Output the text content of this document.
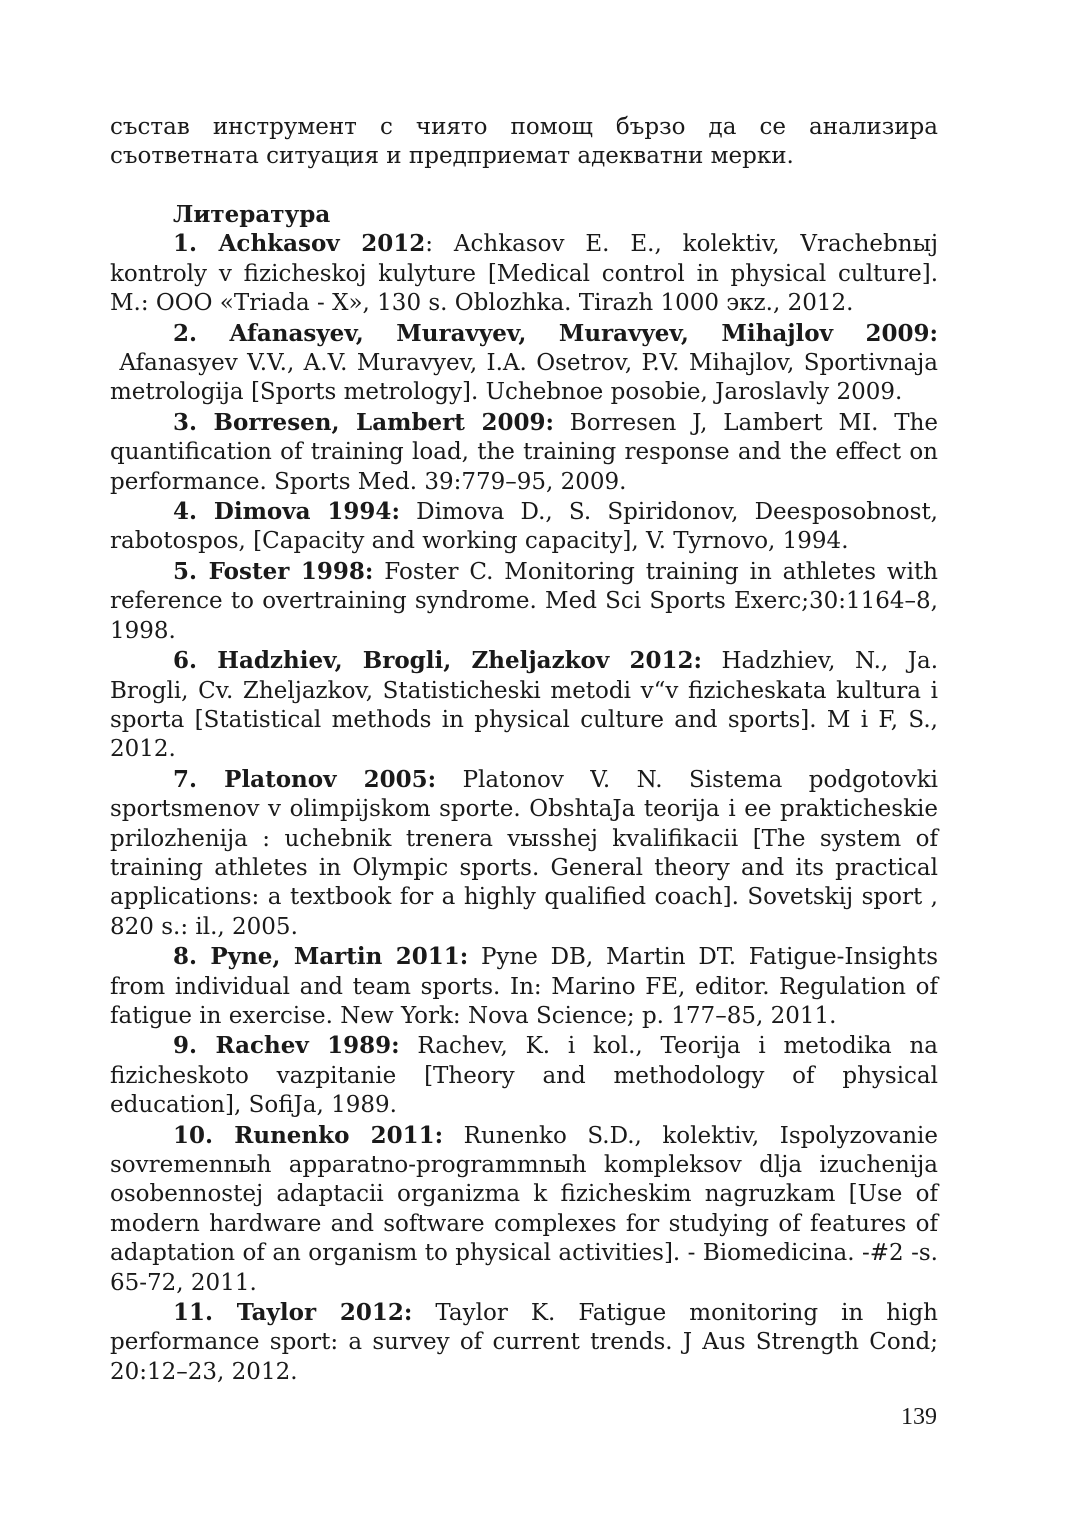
състав инструмент с чиято помощ бързо да се анализира съответната ситуация и предприемат адекватни мерки.

Литература

1. Achkasov 2012: Achkasov E. E., kolektiv, Vrachebnыj kontroly v fizicheskoj kulyture [Medical control in physical culture]. M.: OOO «Triada - X», 130 s. Oblozhka. Tirazh 1000 экz., 2012.

2. Afanasyev, Muravyev, Muravyev, Mihajlov 2009: Afanasyev V.V., A.V. Muravyev, I.A. Osetrov, P.V. Mihajlov, Sportivnaja metrologija [Sports metrology]. Uchebnoe posobie, Jaroslavly 2009.

3. Borresen, Lambert 2009: Borresen J, Lambert MI. The quantification of training load, the training response and the effect on performance. Sports Med. 39:779–95, 2009.

4. Dimova 1994: Dimova D., S. Spiridonov, Deesposobnost, rabotospos, [Capacity and working capacity], V. Tyrnovo, 1994.

5. Foster 1998: Foster C. Monitoring training in athletes with reference to overtraining syndrome. Med Sci Sports Exerc;30:1164–8, 1998.

6. Hadzhiev, Brogli, Zheljazkov 2012: Hadzhiev, N., Ja. Brogli, Cv. Zheljazkov, Statisticheski metodi v“v fizicheskata kultura i sporta [Statistical methods in physical culture and sports]. M i F, S., 2012.

7. Platonov 2005: Platonov V. N. Sistema podgotovki sportsmenov v olimpijskom sporte. ObshtaJa teorija i ee prakticheskie prilozhenija : uchebnik trenera vыsshej kvalifikacii [The system of training athletes in Olympic sports. General theory and its practical applications: a textbook for a highly qualified coach]. Sovetskij sport , 820 s.: il., 2005.

8. Pyne, Martin 2011: Pyne DB, Martin DT. Fatigue-Insights from individual and team sports. In: Marino FE, editor. Regulation of fatigue in exercise. New York: Nova Science; p. 177–85, 2011.

9. Rachev 1989: Rachev, K. i kol., Teorija i metodika na fizicheskoto vazpitanie [Theory and methodology of physical education], SofiJa, 1989.

10. Runenko 2011: Runenko S.D., kolektiv, Ispolyzovanie sovremennыh apparatno-programmnыh kompleksov dlja izuchenija osobennostej adaptacii organizma k fizicheskim nagruzkam [Use of modern hardware and software complexes for studying of features of adaptation of an organism to physical activities]. - Biomedicina. -#2 -s. 65-72, 2011.

11. Taylor 2012: Taylor K. Fatigue monitoring in high performance sport: a survey of current trends. J Aus Strength Cond; 20:12–23, 2012.

139
